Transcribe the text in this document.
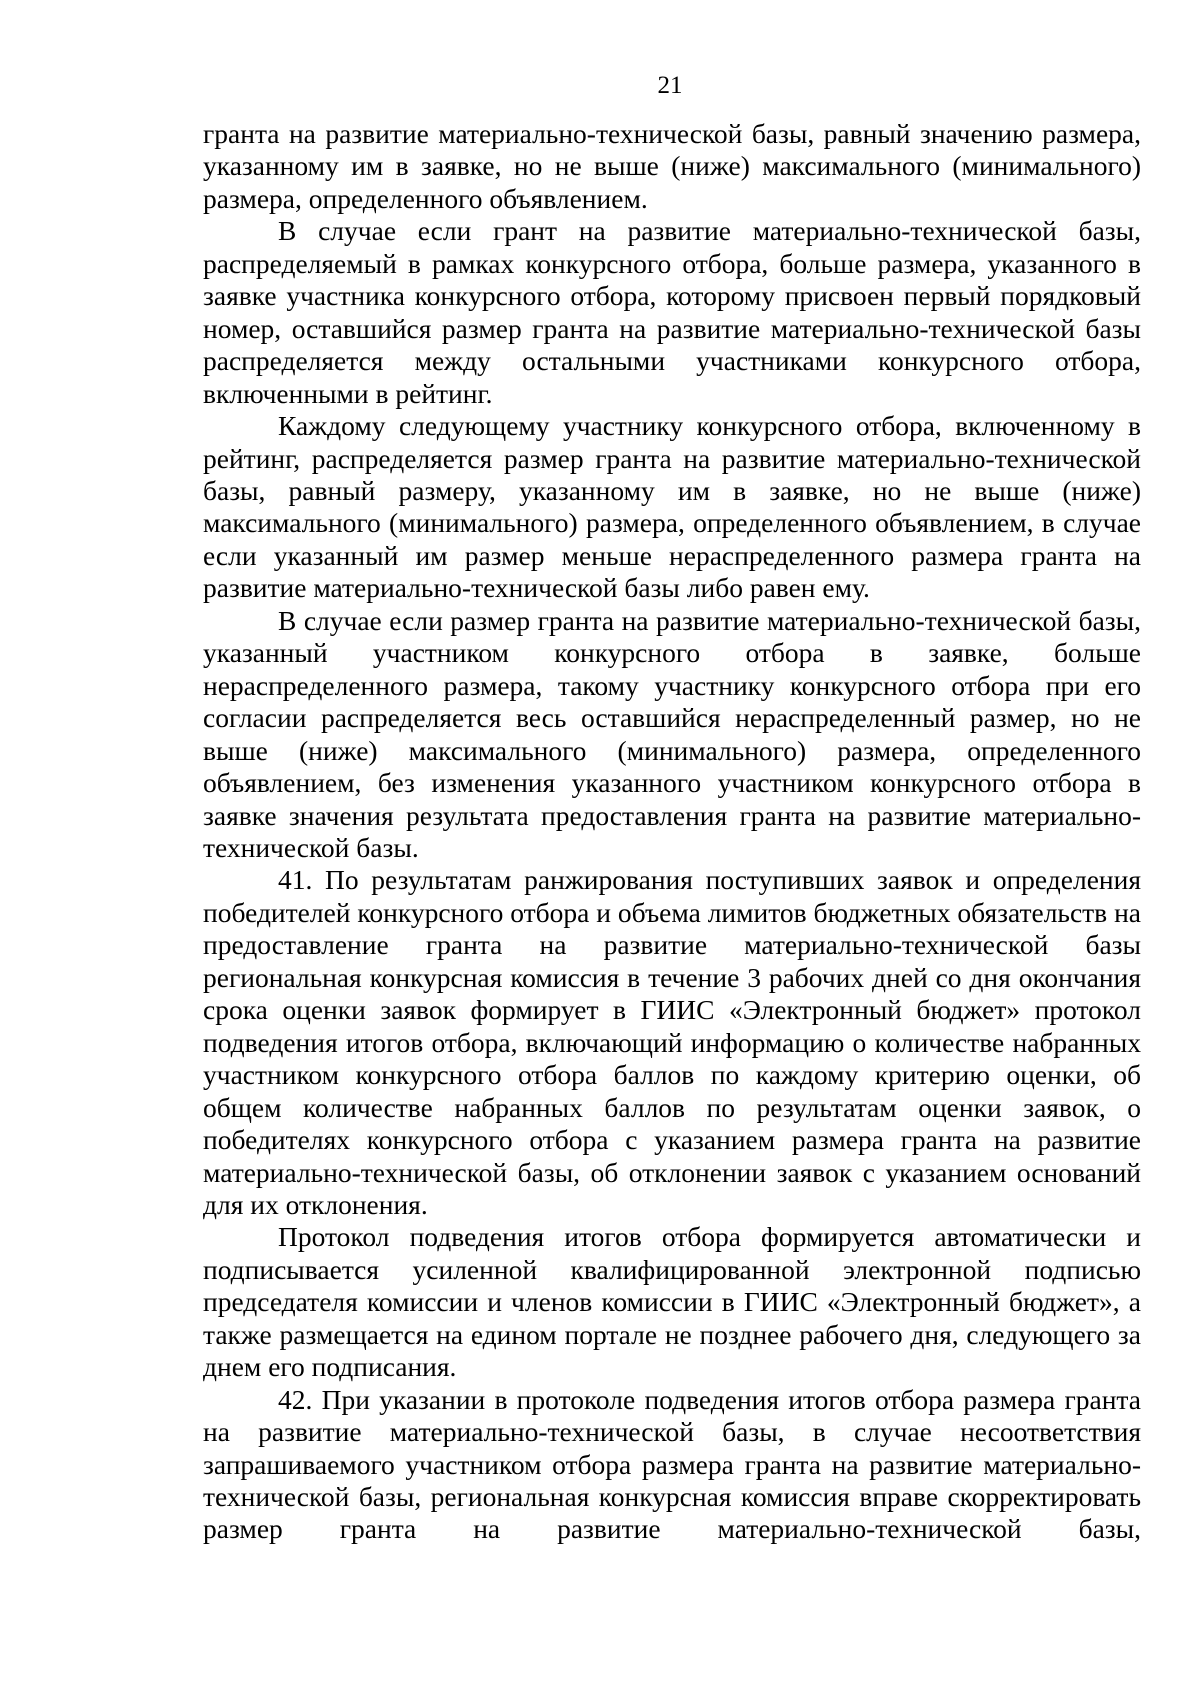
21

гранта на развитие материально-технической базы, равный значению размера, указанному им в заявке, но не выше (ниже) максимального (минимального) размера, определенного объявлением.

В случае если грант на развитие материально-технической базы, распределяемый в рамках конкурсного отбора, больше размера, указанного в заявке участника конкурсного отбора, которому присвоен первый порядковый номер, оставшийся размер гранта на развитие материально-технической базы распределяется между остальными участниками конкурсного отбора, включенными в рейтинг.

Каждому следующему участнику конкурсного отбора, включенному в рейтинг, распределяется размер гранта на развитие материально-технической базы, равный размеру, указанному им в заявке, но не выше (ниже) максимального (минимального) размера, определенного объявлением, в случае если указанный им размер меньше нераспределенного размера гранта на развитие материально-технической базы либо равен ему.

В случае если размер гранта на развитие материально-технической базы, указанный участником конкурсного отбора в заявке, больше нераспределенного размера, такому участнику конкурсного отбора при его согласии распределяется весь оставшийся нераспределенный размер, но не выше (ниже) максимального (минимального) размера, определенного объявлением, без изменения указанного участником конкурсного отбора в заявке значения результата предоставления гранта на развитие материально-технической базы.

41. По результатам ранжирования поступивших заявок и определения победителей конкурсного отбора и объема лимитов бюджетных обязательств на предоставление гранта на развитие материально-технической базы региональная конкурсная комиссия в течение 3 рабочих дней со дня окончания срока оценки заявок формирует в ГИИС «Электронный бюджет» протокол подведения итогов отбора, включающий информацию о количестве набранных участником конкурсного отбора баллов по каждому критерию оценки, об общем количестве набранных баллов по результатам оценки заявок, о победителях конкурсного отбора с указанием размера гранта на развитие материально-технической базы, об отклонении заявок с указанием оснований для их отклонения.

Протокол подведения итогов отбора формируется автоматически и подписывается усиленной квалифицированной электронной подписью председателя комиссии и членов комиссии в ГИИС «Электронный бюджет», а также размещается на едином портале не позднее рабочего дня, следующего за днем его подписания.

42. При указании в протоколе подведения итогов отбора размера гранта на развитие материально-технической базы, в случае несоответствия запрашиваемого участником отбора размера гранта на развитие материально-технической базы, региональная конкурсная комиссия вправе скорректировать размер гранта на развитие материально-технической базы,
